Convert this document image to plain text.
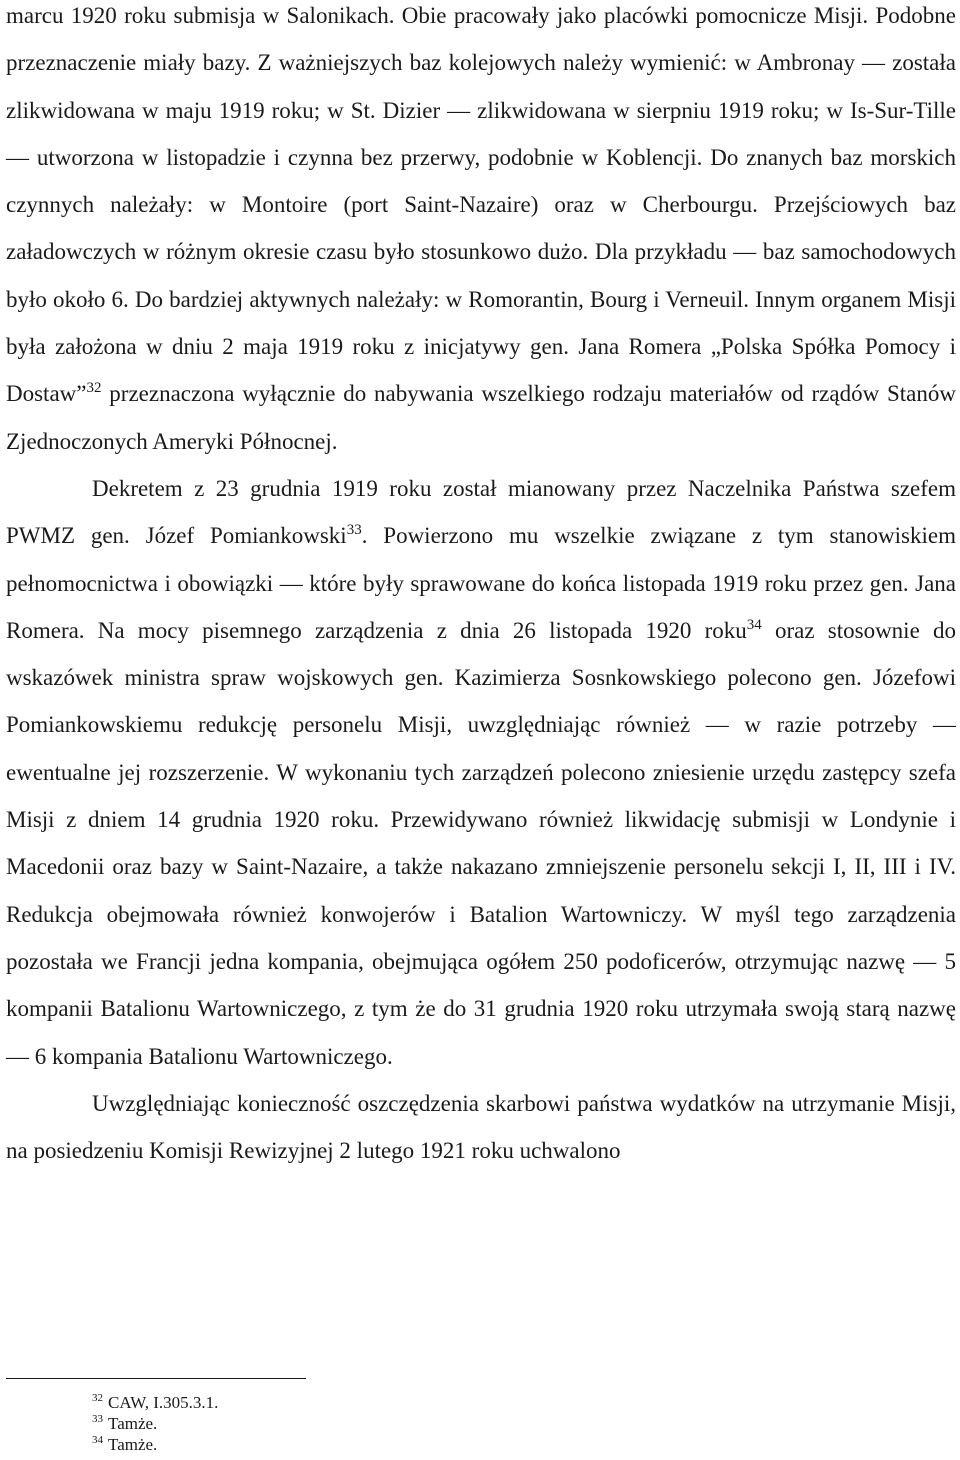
marcu 1920 roku submisja w Salonikach. Obie pracowały jako placówki pomocnicze Misji. Podobne przeznaczenie miały bazy. Z ważniejszych baz kolejowych należy wymienić: w Ambronay — została zlikwidowana w maju 1919 roku; w St. Dizier — zlikwidowana w sierpniu 1919 roku; w Is-Sur-Tille — utworzona w listopadzie i czynna bez przerwy, podobnie w Koblencji. Do znanych baz morskich czynnych należały: w Montoire (port Saint-Nazaire) oraz w Cherbourgu. Przejściowych baz załadowczych w różnym okresie czasu było stosunkowo dużo. Dla przykładu — baz samochodowych było około 6. Do bardziej aktywnych należały: w Romorantin, Bourg i Verneuil. Innym organem Misji była założona w dniu 2 maja 1919 roku z inicjatywy gen. Jana Romera „Polska Spółka Pomocy i Dostaw”$^{32}$ przeznaczona wyłącznie do nabywania wszelkiego rodzaju materiałów od rządów Stanów Zjednoczonych Ameryki Północnej.

Dekretem z 23 grudnia 1919 roku został mianowany przez Naczelnika Państwa szefem PWMZ gen. Józef Pomiankowski$^{33}$. Powierzono mu wszelkie związane z tym stanowiskiem pełnomocnictwa i obowiązki — które były sprawowane do końca listopada 1919 roku przez gen. Jana Romera. Na mocy pisemnego zarządzenia z dnia 26 listopada 1920 roku$^{34}$ oraz stosownie do wskazówek ministra spraw wojskowych gen. Kazimierza Sosnkowskiego polecono gen. Józefowi Pomiankowskiemu redukcję personelu Misji, uwzględniając również — w razie potrzeby — ewentualne jej rozszerzenie. W wykonaniu tych zarządzeń polecono zniesienie urzędu zastępcy szefa Misji z dniem 14 grudnia 1920 roku. Przewidywano również likwidację submisji w Londynie i Macedonii oraz bazy w Saint-Nazaire, a także nakazano zmniejszenie personelu sekcji I, II, III i IV. Redukcja obejmowała również konwojerów i Batalion Wartowniczy. W myśl tego zarządzenia pozostała we Francji jedna kompania, obejmująca ogółem 250 podoficerów, otrzymując nazwę — 5 kompanii Batalionu Wartowniczego, z tym że do 31 grudnia 1920 roku utrzymała swoją starą nazwę — 6 kompania Batalionu Wartowniczego.

Uwzględniając konieczność oszczędzenia skarbowi państwa wydatków na utrzymanie Misji, na posiedzeniu Komisji Rewizyjnej 2 lutego 1921 roku uchwalono

$^{32}$ CAW, I.305.3.1.

$^{33}$ Tamże.

$^{34}$ Tamże.
